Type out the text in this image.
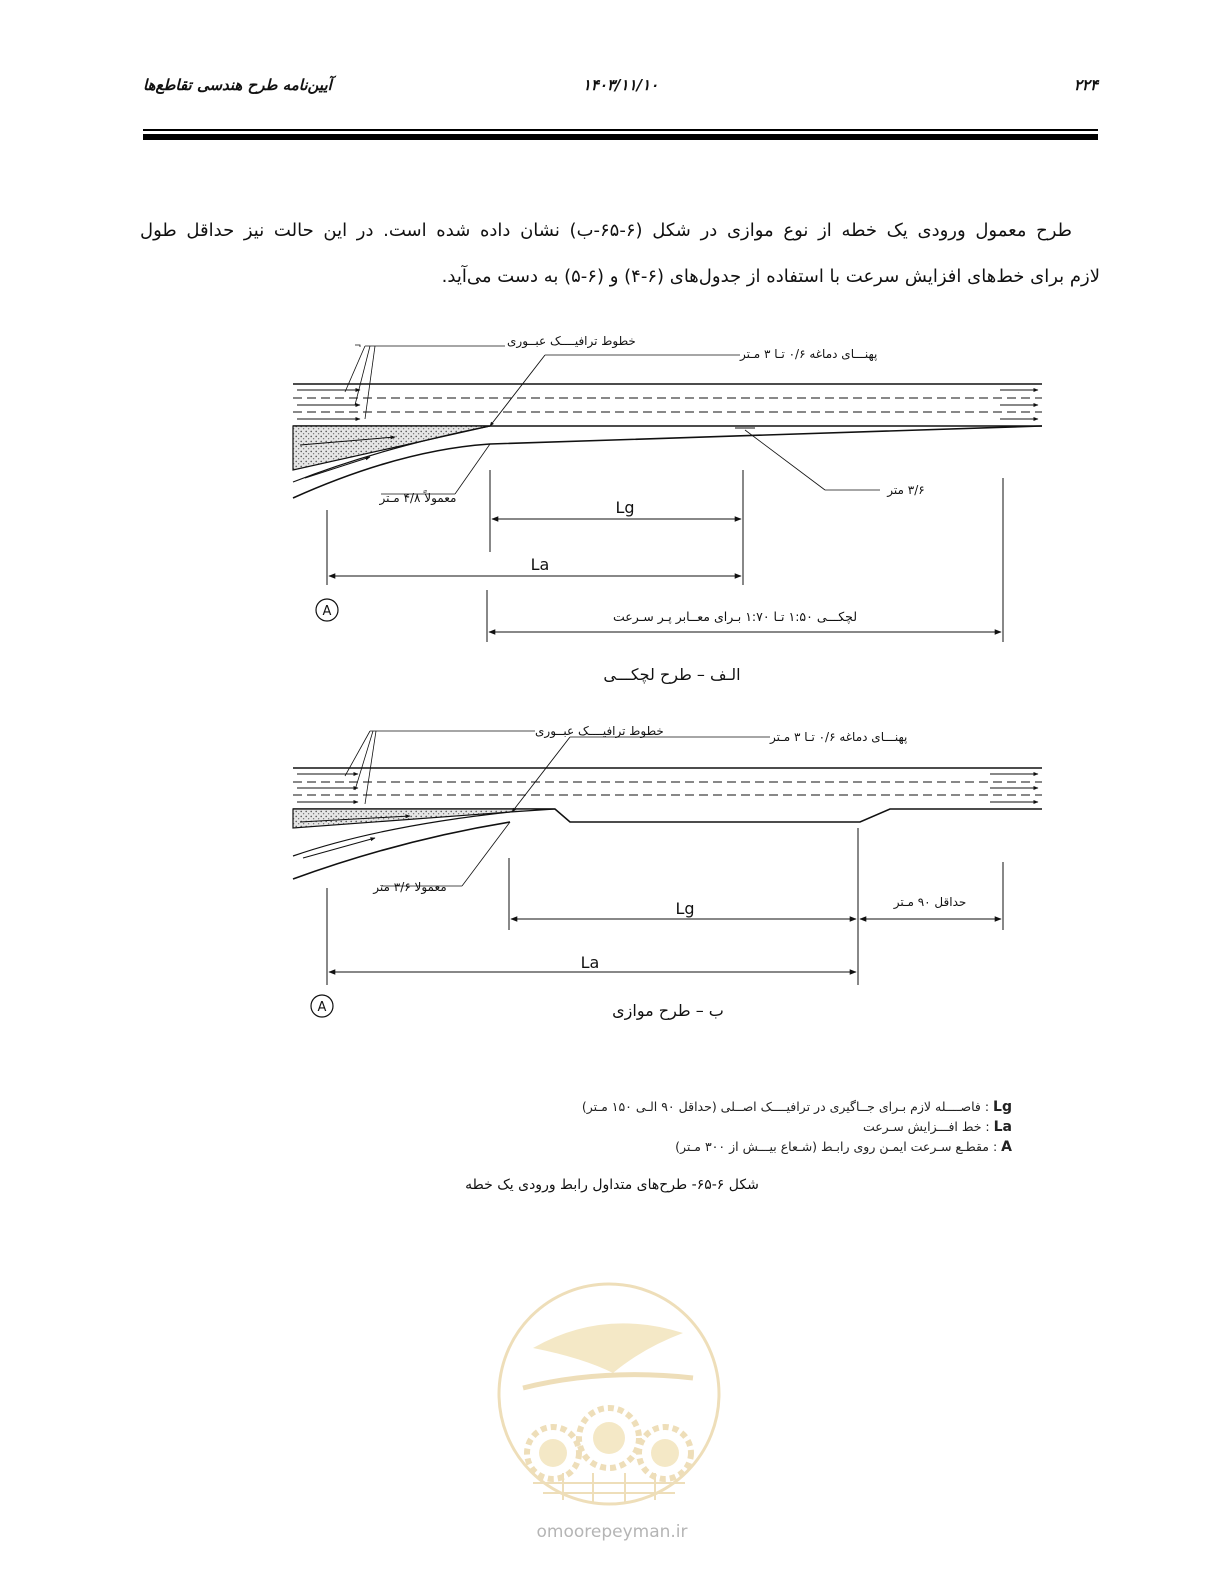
آیین‌نامه طرح هندسی تقاطع‌ها	۱۴۰۳/۱۱/۱۰	۲۲۴
طرح معمول ورودی یک خطه از نوع موازی در شکل (۶-۶۵-ب) نشان داده شده است. در این حالت نیز حداقل طول
لازم برای خط‌های افزایش سرعت با استفاده از جدول‌های (۶-۴) و (۶-۵) به دست می‌آید.
خطوط ترافیــــک عبــوری
پهنـــای دماغه ۰/۶ تـا ۳ مـتر
۳/۶ متر
معمولاً ۴/۸ مـتر	Lg
La
لچکـــی ۱:۵۰ تـا ۱:۷۰ بـرای معــابر پـر سـرعت
A
الـف – طرح لچکـــی
خطوط ترافیــــک عبــوری	پهنـــای دماغه ۰/۶ تـا ۳ مـتر
معمولا ۳/۶ متر
Lg	حداقل ۹۰ مـتر
La
A	ب – طرح موازی
Lg : فاصــــله لازم بـرای جــاگیری در ترافیــــک اصــلی (حداقل ۹۰ الـی ۱۵۰ مـتر)
La : خط افـــزایش سـرعت
A : مقطـع سـرعت ایمـن روی رابـط (شـعاع بیـــش از ۳۰۰ مـتر)
شکل ۶-۶۵- طرح‌های متداول رابط ورودی یک خطه
omoorepeyman.ir
